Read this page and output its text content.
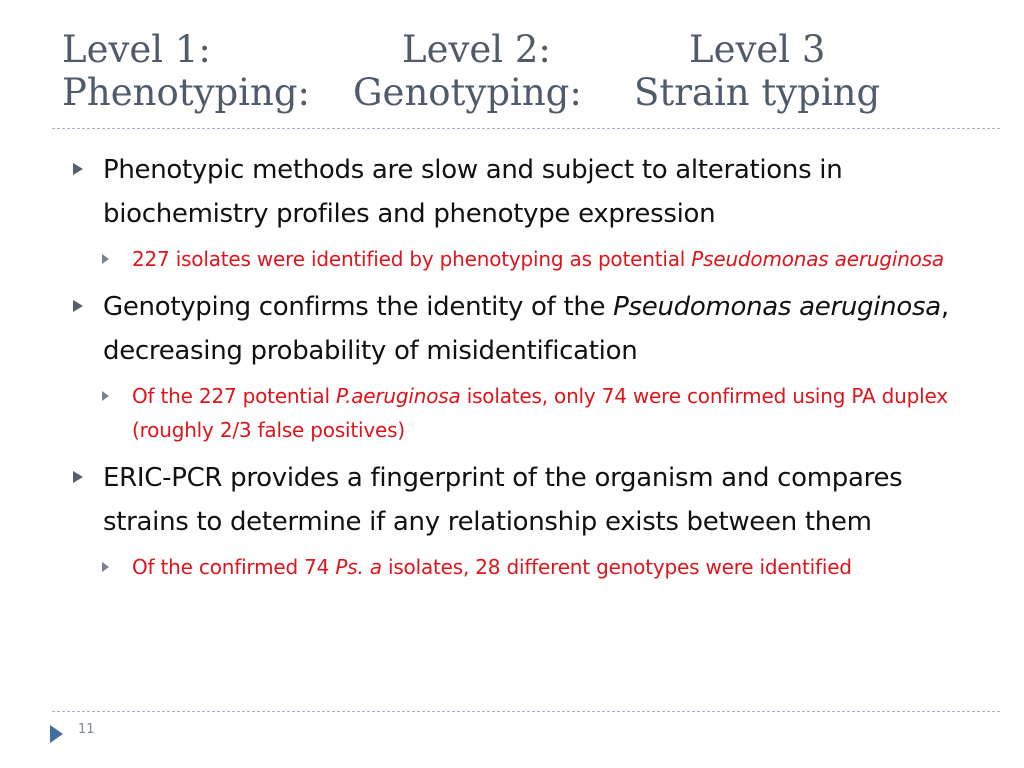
Level 1:	Level 2:	Level 3
Phenotyping:	Genotyping:	Strain typing
Phenotypic methods are slow and subject to alterations in biochemistry profiles and phenotype expression
227 isolates were identified by phenotyping as potential Pseudomonas aeruginosa
Genotyping confirms the identity of the Pseudomonas aeruginosa, decreasing probability of misidentification
Of the 227 potential P.aeruginosa isolates, only 74 were confirmed using PA duplex (roughly 2/3 false positives)
ERIC-PCR provides a fingerprint of the organism and compares strains to determine if any relationship exists between them
Of the confirmed 74 Ps. a isolates, 28 different genotypes were identified
11
